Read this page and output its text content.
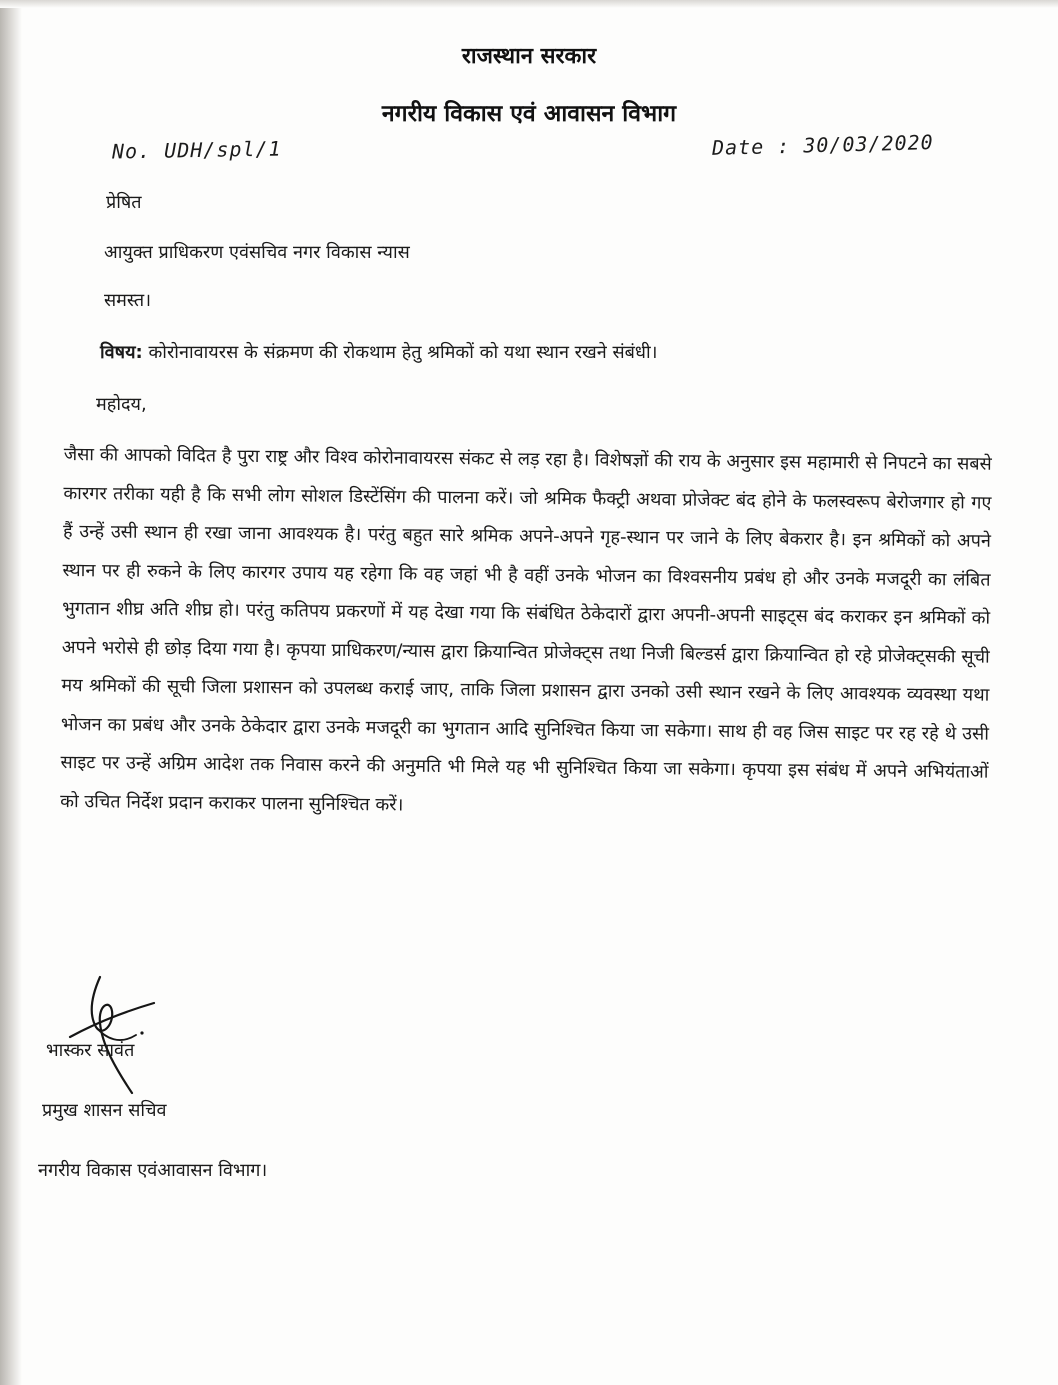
राजस्थान सरकार
नगरीय विकास एवं आवासन विभाग
No. UDH/spl/1	Date : 30/03/2020
प्रेषित
आयुक्त प्राधिकरण एवंसचिव नगर विकास न्यास
समस्त।
विषय: कोरोनावायरस के संक्रमण की रोकथाम हेतु श्रमिकों को यथा स्थान रखने संबंधी।
महोदय,
जैसा की आपको विदित है पुरा राष्ट्र और विश्व कोरोनावायरस संकट से लड़ रहा है। विशेषज्ञों की राय के अनुसार इस महामारी से निपटने का सबसे कारगर तरीका यही है कि सभी लोग सोशल डिस्टेंसिंग की पालना करें। जो श्रमिक फैक्ट्री अथवा प्रोजेक्ट बंद होने के फलस्वरूप बेरोजगार हो गए हैं उन्हें उसी स्थान ही रखा जाना आवश्यक है। परंतु बहुत सारे श्रमिक अपने-अपने गृह-स्थान पर जाने के लिए बेकरार है। इन श्रमिकों को अपने स्थान पर ही रुकने के लिए कारगर उपाय यह रहेगा कि वह जहां भी है वहीं उनके भोजन का विश्वसनीय प्रबंध हो और उनके मजदूरी का लंबित भुगतान शीघ्र अति शीघ्र हो। परंतु कतिपय प्रकरणों में यह देखा गया कि संबंधित ठेकेदारों द्वारा अपनी-अपनी साइट्स बंद कराकर इन श्रमिकों को अपने भरोसे ही छोड़ दिया गया है। कृपया प्राधिकरण/न्यास द्वारा क्रियान्वित प्रोजेक्ट्स तथा निजी बिल्डर्स द्वारा क्रियान्वित हो रहे प्रोजेक्ट्सकी सूची मय श्रमिकों की सूची जिला प्रशासन को उपलब्ध कराई जाए, ताकि जिला प्रशासन द्वारा उनको उसी स्थान रखने के लिए आवश्यक व्यवस्था यथा भोजन का प्रबंध और उनके ठेकेदार द्वारा उनके मजदूरी का भुगतान आदि सुनिश्चित किया जा सकेगा। साथ ही वह जिस साइट पर रह रहे थे उसी साइट पर उन्हें अग्रिम आदेश तक निवास करने की अनुमति भी मिले यह भी सुनिश्चित किया जा सकेगा। कृपया इस संबंध में अपने अभियंताओं को उचित निर्देश प्रदान कराकर पालना सुनिश्चित करें।
भास्कर सावंत
प्रमुख शासन सचिव
नगरीय विकास एवंआवासन विभाग।
